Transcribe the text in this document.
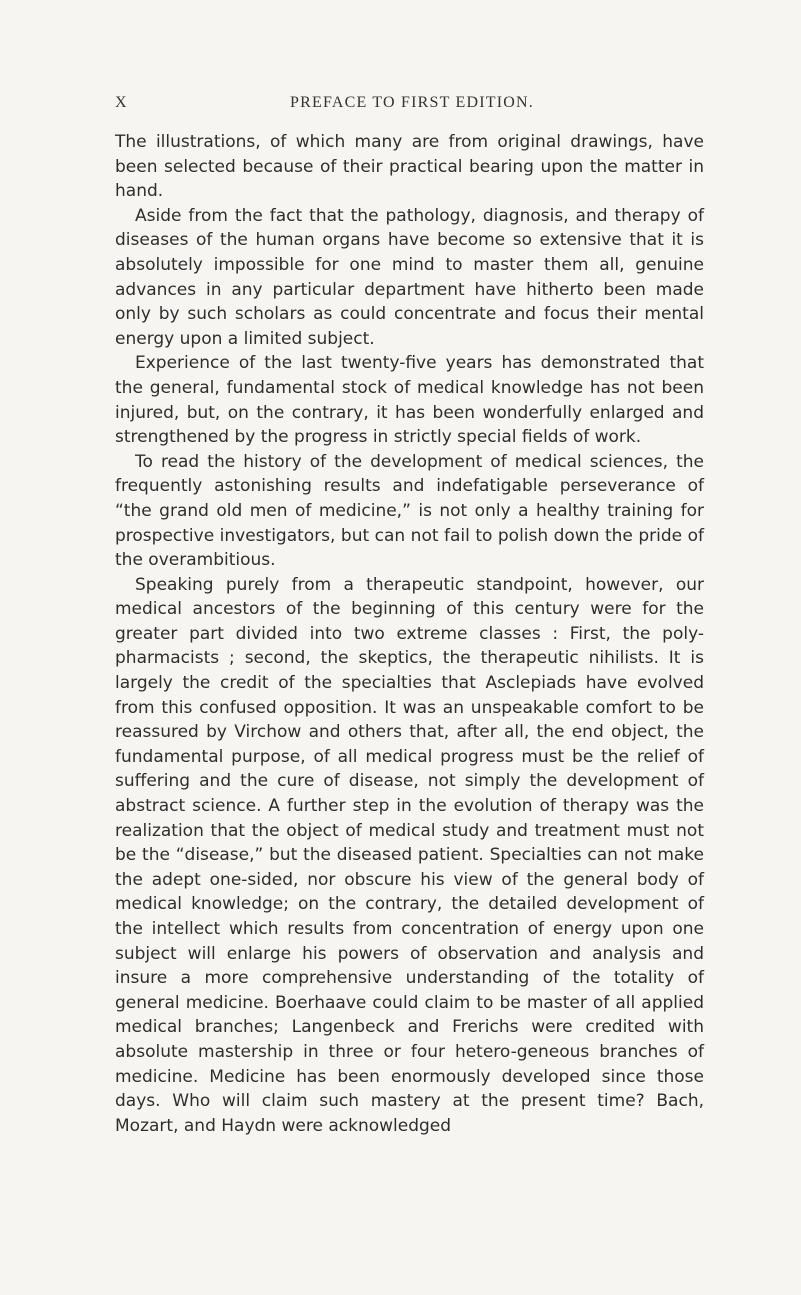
X	PREFACE TO FIRST EDITION.

The illustrations, of which many are from original drawings, have been selected because of their practical bearing upon the matter in hand.

Aside from the fact that the pathology, diagnosis, and therapy of diseases of the human organs have become so extensive that it is absolutely impossible for one mind to master them all, genuine advances in any particular department have hitherto been made only by such scholars as could concentrate and focus their mental energy upon a limited subject.

Experience of the last twenty-five years has demonstrated that the general, fundamental stock of medical knowledge has not been injured, but, on the contrary, it has been wonderfully enlarged and strengthened by the progress in strictly special fields of work.

To read the history of the development of medical sciences, the frequently astonishing results and indefatigable perseverance of “the grand old men of medicine,” is not only a healthy training for prospective investigators, but can not fail to polish down the pride of the overambitious.

Speaking purely from a therapeutic standpoint, however, our medical ancestors of the beginning of this century were for the greater part divided into two extreme classes : First, the poly-pharmacists ; second, the skeptics, the therapeutic nihilists. It is largely the credit of the specialties that Asclepiads have evolved from this confused opposition. It was an unspeakable comfort to be reassured by Virchow and others that, after all, the end object, the fundamental purpose, of all medical progress must be the relief of suffering and the cure of disease, not simply the development of abstract science. A further step in the evolution of therapy was the realization that the object of medical study and treatment must not be the “disease,” but the diseased patient. Specialties can not make the adept one-sided, nor obscure his view of the general body of medical knowledge; on the contrary, the detailed development of the intellect which results from concentration of energy upon one subject will enlarge his powers of observation and analysis and insure a more comprehensive understanding of the totality of general medicine. Boerhaave could claim to be master of all applied medical branches; Langenbeck and Frerichs were credited with absolute mastership in three or four hetero-geneous branches of medicine. Medicine has been enormously developed since those days. Who will claim such mastery at the present time? Bach, Mozart, and Haydn were acknowledged
